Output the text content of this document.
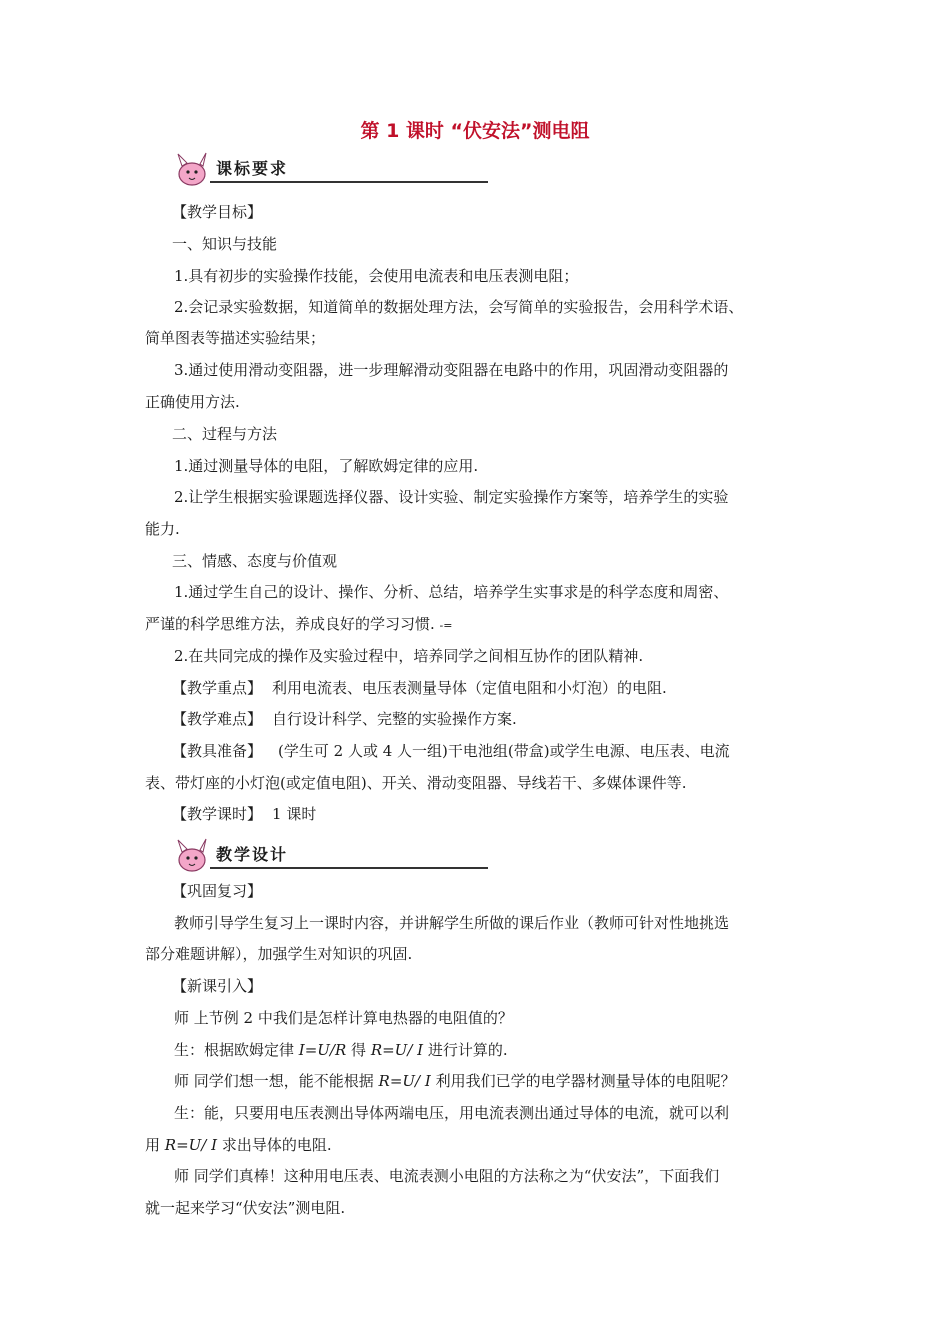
第 1 课时 “伏安法”测电阻
课标要求
【教学目标】
一、知识与技能
1.具有初步的实验操作技能，会使用电流表和电压表测电阻；
2.会记录实验数据，知道简单的数据处理方法，会写简单的实验报告，会用科学术语、
简单图表等描述实验结果；
3.通过使用滑动变阻器，进一步理解滑动变阻器在电路中的作用，巩固滑动变阻器的
正确使用方法.
二、过程与方法
1.通过测量导体的电阻，了解欧姆定律的应用.
2.让学生根据实验课题选择仪器、设计实验、制定实验操作方案等，培养学生的实验
能力.
三、情感、态度与价值观
1.通过学生自己的设计、操作、分析、总结，培养学生实事求是的科学态度和周密、
严谨的科学思维方法，养成良好的学习习惯. -=
2.在共同完成的操作及实验过程中，培养同学之间相互协作的团队精神.
【教学重点】 利用电流表、电压表测量导体（定值电阻和小灯泡）的电阻.
【教学难点】 自行设计科学、完整的实验操作方案.
【教具准备】 (学生可 2 人或 4 人一组)干电池组(带盒)或学生电源、电压表、电流
表、带灯座的小灯泡(或定值电阻)、开关、滑动变阻器、导线若干、多媒体课件等.
【教学课时】 1 课时
教学设计
【巩固复习】
教师引导学生复习上一课时内容，并讲解学生所做的课后作业（教师可针对性地挑选
部分难题讲解），加强学生对知识的巩固.
【新课引入】
师 上节例 2 中我们是怎样计算电热器的电阻值的？
生：根据欧姆定律 I=U/R 得 R=U/ I 进行计算的.
师 同学们想一想，能不能根据 R=U/ I 利用我们已学的电学器材测量导体的电阻呢？
生：能，只要用电压表测出导体两端电压，用电流表测出通过导体的电流，就可以利
用 R=U/ I 求出导体的电阻.
师 同学们真棒！这种用电压表、电流表测小电阻的方法称之为“伏安法”，下面我们
就一起来学习“伏安法”测电阻.
